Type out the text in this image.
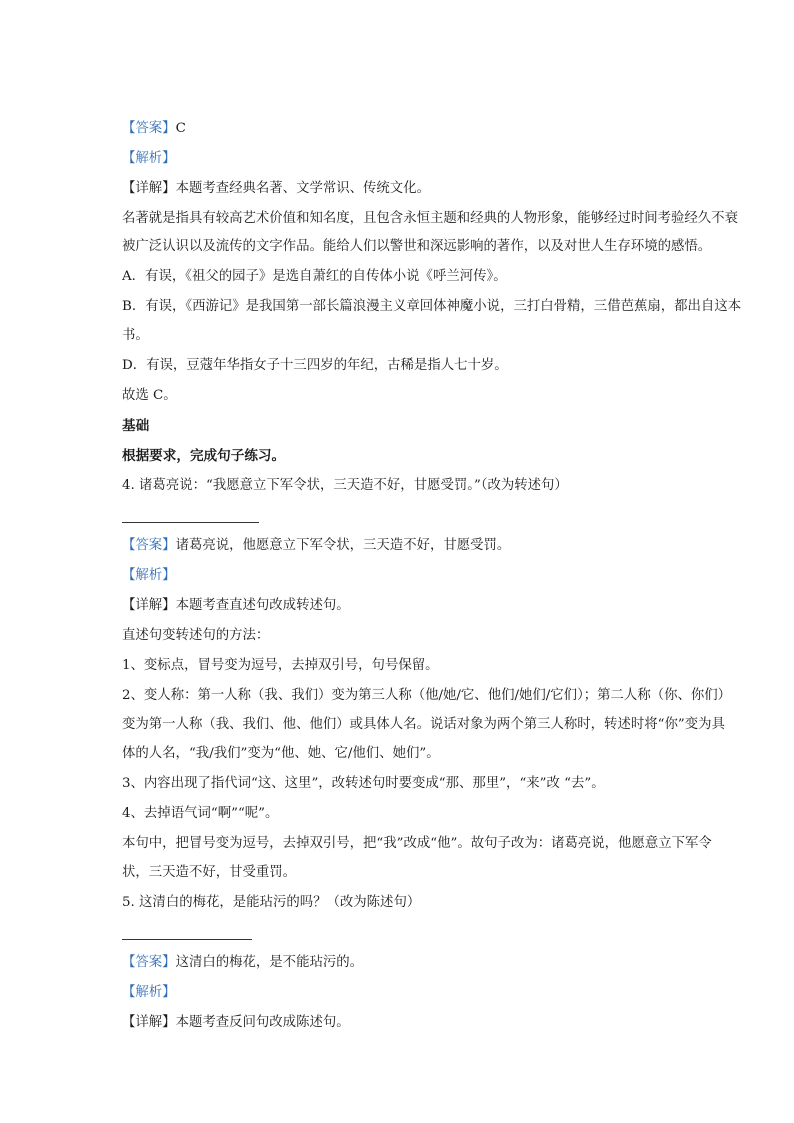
【答案】C
【解析】
【详解】本题考查经典名著、文学常识、传统文化。
名著就是指具有较高艺术价值和知名度，且包含永恒主题和经典的人物形象，能够经过时间考验经久不衰
被广泛认识以及流传的文字作品。能给人们以警世和深远影响的著作，以及对世人生存环境的感悟。
A．有误，《祖父的园子》是选自萧红的自传体小说《呼兰河传》。
B．有误，《西游记》是我国第一部长篇浪漫主义章回体神魔小说，三打白骨精，三借芭蕉扇，都出自这本
书。
D．有误，豆蔻年华指女子十三四岁的年纪，古稀是指人七十岁。
故选 C。
基础
根据要求，完成句子练习。
4. 诸葛亮说：“我愿意立下军令状，三天造不好，甘愿受罚。”（改为转述句）
【答案】诸葛亮说，他愿意立下军令状，三天造不好，甘愿受罚。
【解析】
【详解】本题考查直述句改成转述句。
直述句变转述句的方法：
1、变标点，冒号变为逗号，去掉双引号，句号保留。
2、变人称：第一人称（我、我们）变为第三人称（他/她/它、他们/她们/它们）；第二人称（你、你们）
变为第一人称（我、我们、他、他们）或具体人名。说话对象为两个第三人称时，转述时将“你”变为具
体的人名，“我/我们”变为“他、她、它/他们、她们”。
3、内容出现了指代词“这、这里”，改转述句时要变成“那、那里”，“来”改 “去”。
4、去掉语气词“啊”“呢”。
本句中，把冒号变为逗号，去掉双引号，把“我”改成“他”。故句子改为：诸葛亮说，他愿意立下军令
状，三天造不好，甘受重罚。
5. 这清白的梅花，是能玷污的吗？（改为陈述句）
【答案】这清白的梅花，是不能玷污的。
【解析】
【详解】本题考查反问句改成陈述句。
